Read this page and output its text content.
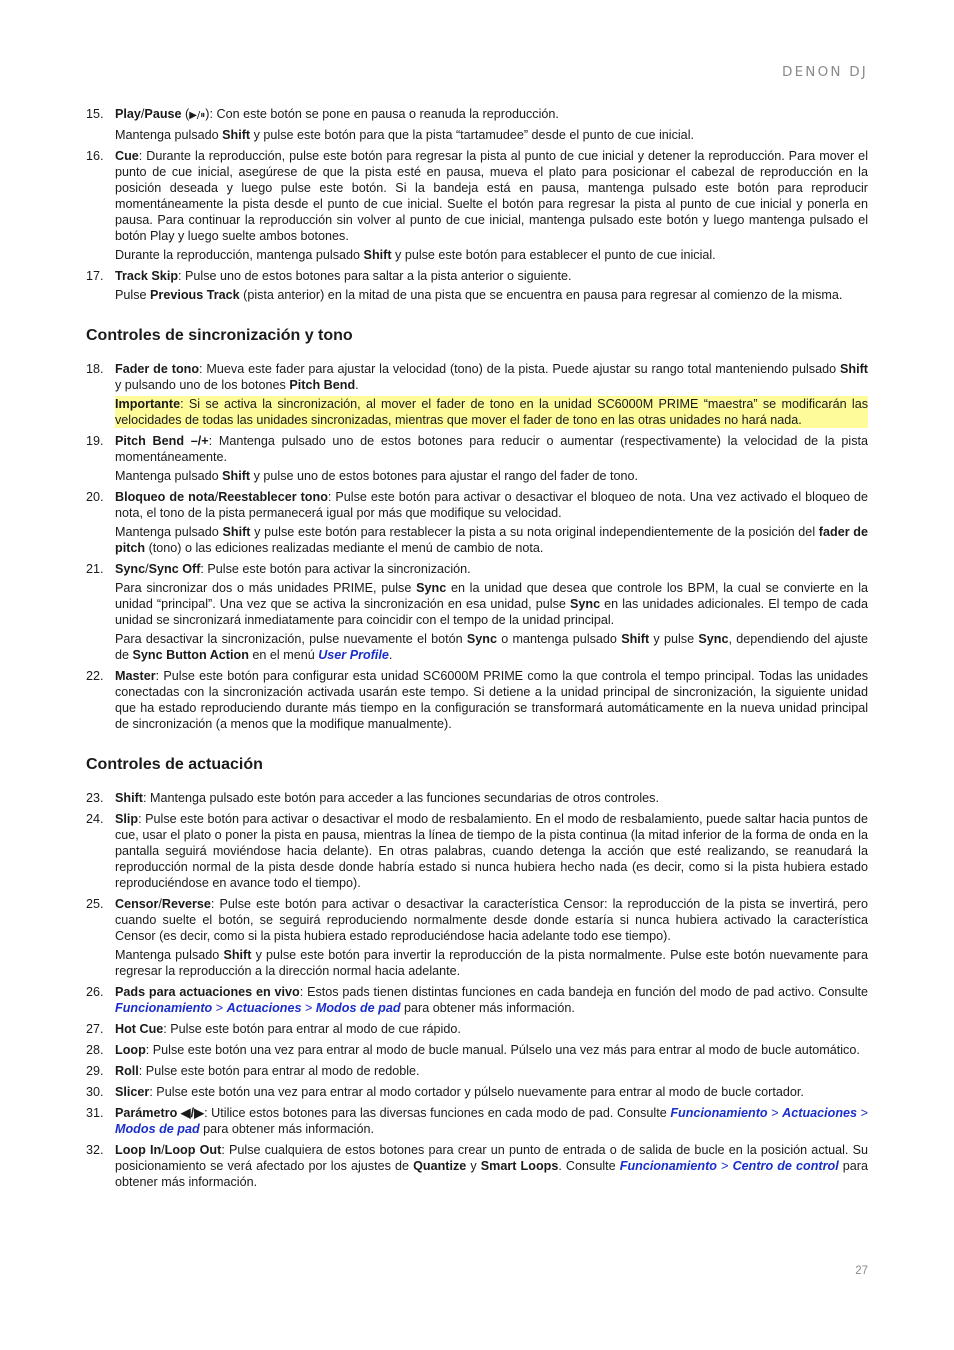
DENON DJ
15. Play/Pause (▶/⏸): Con este botón se pone en pausa o reanuda la reproducción.

Mantenga pulsado Shift y pulse este botón para que la pista “tartamudee” desde el punto de cue inicial.

16. Cue: Durante la reproducción, pulse este botón para regresar la pista al punto de cue inicial y detener la reproducción. Para mover el punto de cue inicial, asegúrese de que la pista esté en pausa, mueva el plato para posicionar el cabezal de reproducción en la posición deseada y luego pulse este botón. Si la bandeja está en pausa, mantenga pulsado este botón para reproducir momentáneamente la pista desde el punto de cue inicial. Suelte el botón para regresar la pista al punto de cue inicial y ponerla en pausa. Para continuar la reproducción sin volver al punto de cue inicial, mantenga pulsado este botón y luego mantenga pulsado el botón Play y luego suelte ambos botones.

Durante la reproducción, mantenga pulsado Shift y pulse este botón para establecer el punto de cue inicial.

17. Track Skip: Pulse uno de estos botones para saltar a la pista anterior o siguiente.

Pulse Previous Track (pista anterior) en la mitad de una pista que se encuentra en pausa para regresar al comienzo de la misma.

Controles de sincronización y tono
18. Fader de tono: Mueva este fader para ajustar la velocidad (tono) de la pista. Puede ajustar su rango total manteniendo pulsado Shift y pulsando uno de los botones Pitch Bend.

Importante: Si se activa la sincronización, al mover el fader de tono en la unidad SC6000M PRIME “maestra” se modificarán las velocidades de todas las unidades sincronizadas, mientras que mover el fader de tono en las otras unidades no hará nada.

19. Pitch Bend –/+: Mantenga pulsado uno de estos botones para reducir o aumentar (respectivamente) la velocidad de la pista momentáneamente.

Mantenga pulsado Shift y pulse uno de estos botones para ajustar el rango del fader de tono.

20. Bloqueo de nota/Reestablecer tono: Pulse este botón para activar o desactivar el bloqueo de nota. Una vez activado el bloqueo de nota, el tono de la pista permanecerá igual por más que modifique su velocidad.

Mantenga pulsado Shift y pulse este botón para restablecer la pista a su nota original independientemente de la posición del fader de pitch (tono) o las ediciones realizadas mediante el menú de cambio de nota.

21. Sync/Sync Off: Pulse este botón para activar la sincronización.

Para sincronizar dos o más unidades PRIME, pulse Sync en la unidad que desea que controle los BPM, la cual se convierte en la unidad “principal”. Una vez que se activa la sincronización en esa unidad, pulse Sync en las unidades adicionales. El tempo de cada unidad se sincronizará inmediatamente para coincidir con el tempo de la unidad principal.

Para desactivar la sincronización, pulse nuevamente el botón Sync o mantenga pulsado Shift y pulse Sync, dependiendo del ajuste de Sync Button Action en el menú User Profile.

22. Master: Pulse este botón para configurar esta unidad SC6000M PRIME como la que controla el tempo principal. Todas las unidades conectadas con la sincronización activada usarán este tempo. Si detiene a la unidad principal de sincronización, la siguiente unidad que ha estado reproduciendo durante más tiempo en la configuración se transformará automáticamente en la nueva unidad principal de sincronización (a menos que la modifique manualmente).

Controles de actuación
23. Shift: Mantenga pulsado este botón para acceder a las funciones secundarias de otros controles.

24. Slip: Pulse este botón para activar o desactivar el modo de resbalamiento. En el modo de resbalamiento, puede saltar hacia puntos de cue, usar el plato o poner la pista en pausa, mientras la línea de tiempo de la pista continua (la mitad inferior de la forma de onda en la pantalla seguirá moviéndose hacia delante). En otras palabras, cuando detenga la acción que esté realizando, se reanudará la reproducción normal de la pista desde donde habría estado si nunca hubiera hecho nada (es decir, como si la pista hubiera estado reproduciéndose en avance todo el tiempo).

25. Censor/Reverse: Pulse este botón para activar o desactivar la característica Censor: la reproducción de la pista se invertirá, pero cuando suelte el botón, se seguirá reproduciendo normalmente desde donde estaría si nunca hubiera activado la característica Censor (es decir, como si la pista hubiera estado reproduciéndose hacia adelante todo ese tiempo).

Mantenga pulsado Shift y pulse este botón para invertir la reproducción de la pista normalmente. Pulse este botón nuevamente para regresar la reproducción a la dirección normal hacia adelante.

26. Pads para actuaciones en vivo: Estos pads tienen distintas funciones en cada bandeja en función del modo de pad activo. Consulte Funcionamiento > Actuaciones > Modos de pad para obtener más información.

27. Hot Cue: Pulse este botón para entrar al modo de cue rápido.

28. Loop: Pulse este botón una vez para entrar al modo de bucle manual. Púlselo una vez más para entrar al modo de bucle automático.

29. Roll: Pulse este botón para entrar al modo de redoble.

30. Slicer: Pulse este botón una vez para entrar al modo cortador y púlselo nuevamente para entrar al modo de bucle cortador.

31. Parámetro ◀/▶: Utilice estos botones para las diversas funciones en cada modo de pad. Consulte Funcionamiento > Actuaciones > Modos de pad para obtener más información.

32. Loop In/Loop Out: Pulse cualquiera de estos botones para crear un punto de entrada o de salida de bucle en la posición actual. Su posicionamiento se verá afectado por los ajustes de Quantize y Smart Loops. Consulte Funcionamiento > Centro de control para obtener más información.

27
